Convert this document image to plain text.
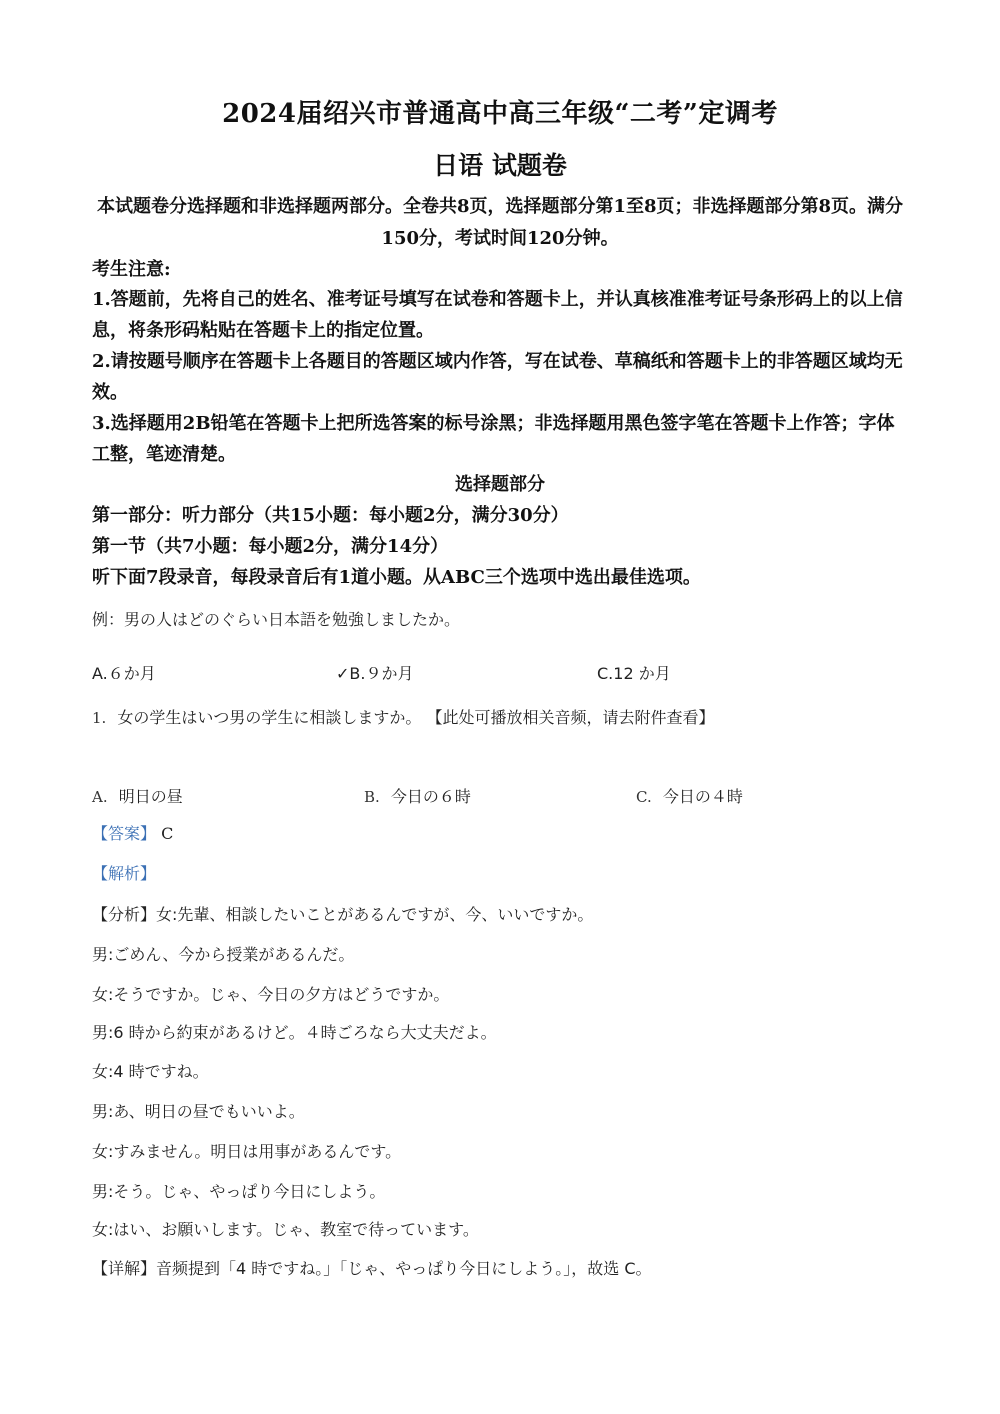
2024届绍兴市普通高中高三年级“二考”定调考
日语 试题卷
本试题卷分选择题和非选择题两部分。全卷共8页，选择题部分第1至8页；非选择题部分第8页。满分150分，考试时间120分钟。
考生注意:
1.答题前，先将自己的姓名、准考证号填写在试卷和答题卡上，并认真核准准考证号条形码上的以上信息，将条形码粘贴在答题卡上的指定位置。
2.请按题号顺序在答题卡上各题目的答题区域内作答，写在试卷、草稿纸和答题卡上的非答题区域均无效。
3.选择题用2B铅笔在答题卡上把所选答案的标号涂黑；非选择题用黑色签字笔在答题卡上作答；字体工整，笔迹清楚。
选择题部分
第一部分：听力部分（共15小题：每小题2分，满分30分）
第一节（共7小题：每小题2分，满分14分）
听下面7段录音，每段录音后有1道小题。从ABC三个选项中选出最佳选项。
例：男の人はどのぐらい日本語を勉強しましたか。
A.６か月	✓B.９か月	C.12 か月
1. 女の学生はいつ男の学生に相談しますか。 【此处可播放相关音频，请去附件查看】
A. 明日の昼	B. 今日の６時	C. 今日の４時
【答案】 C
【解析】
【分析】女:先輩、相談したいことがあるんですが、今、いいですか。
男:ごめん、今から授業があるんだ。
女:そうですか。じゃ、今日の夕方はどうですか。
男:6 時から約束があるけど。４時ごろなら大丈夫だよ。
女:4 時ですね。
男:あ、明日の昼でもいいよ。
女:すみません。明日は用事があるんです。
男:そう。じゃ、やっぱり今日にしよう。
女:はい、お願いします。じゃ、教室で待っています。
【详解】音频提到「4 時ですね。」「じゃ、やっぱり今日にしよう。」，故选 C。
